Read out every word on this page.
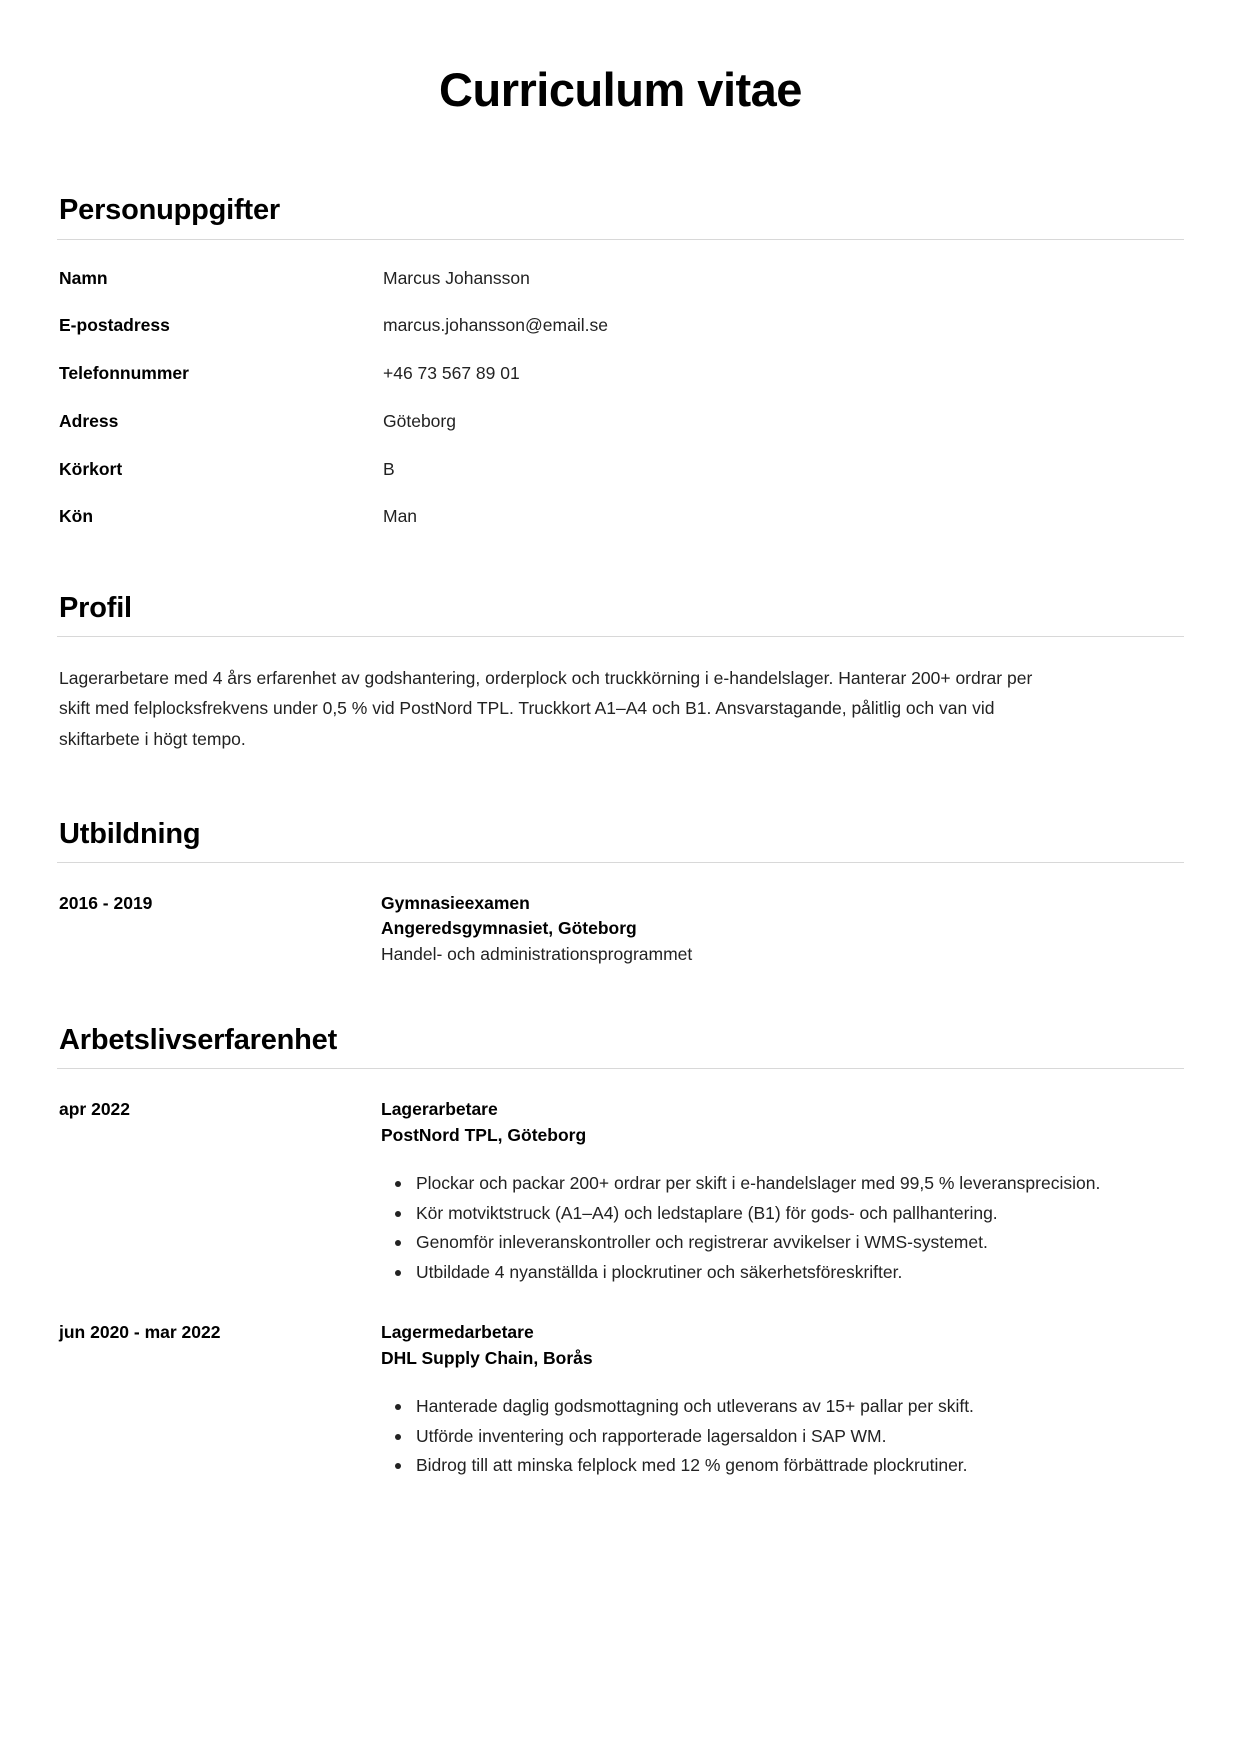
Curriculum vitae
Personuppgifter
Namn	Marcus Johansson
E-postadress	marcus.johansson@email.se
Telefonnummer	+46 73 567 89 01
Adress	Göteborg
Körkort	B
Kön	Man
Profil

Lagerarbetare med 4 års erfarenhet av godshantering, orderplock och truckkörning i e-handelslager. Hanterar 200+ ordrar per skift med felplocksfrekvens under 0,5 % vid PostNord TPL. Truckkort A1–A4 och B1. Ansvarstagande, pålitlig och van vid skiftarbete i högt tempo.

Utbildning
2016 - 2019	Gymnasieexamen
Angeredsgymnasiet, Göteborg
Handel- och administrationsprogrammet
Arbetslivserfarenhet
apr 2022	Lagerarbetare
PostNord TPL, Göteborg
Plockar och packar 200+ ordrar per skift i e-handelslager med 99,5 % leveransprecision.
Kör motviktstruck (A1–A4) och ledstaplare (B1) för gods- och pallhantering.
Genomför inleveranskontroller och registrerar avvikelser i WMS-systemet.
Utbildade 4 nyanställda i plockrutiner och säkerhetsföreskrifter.
jun 2020 - mar 2022	Lagermedarbetare
DHL Supply Chain, Borås
Hanterade daglig godsmottagning och utleverans av 15+ pallar per skift.
Utförde inventering och rapporterade lagersaldon i SAP WM.
Bidrog till att minska felplock med 12 % genom förbättrade plockrutiner.
